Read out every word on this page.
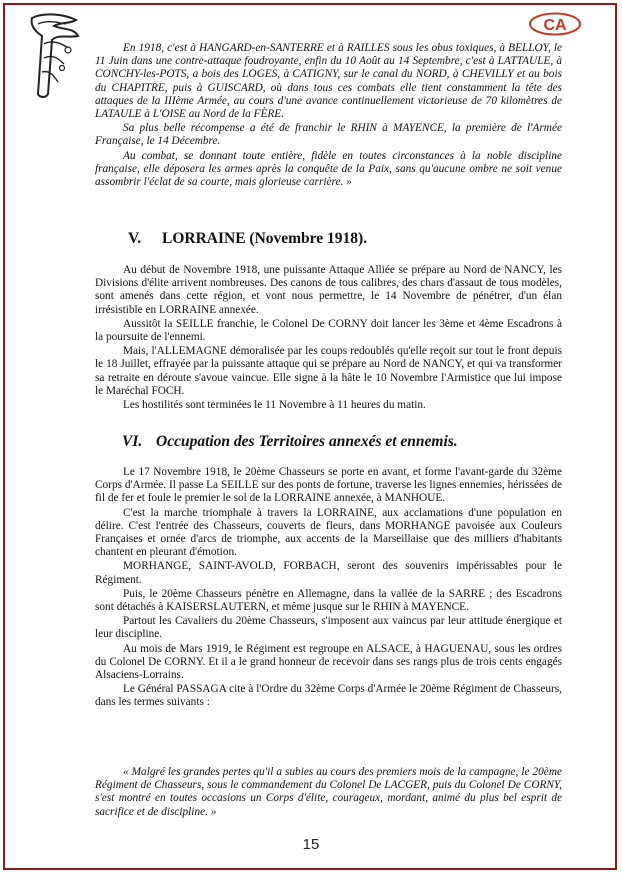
CA

En 1918, c'est à HANGARD-en-SANTERRE et à RAILLES sous les obus toxiques, à BELLOY, le 11 Juin dans une contre-attaque foudroyante, enfin du 10 Août au 14 Septembre, c'est à LATTAULE, à CONCHY-les-POTS, a bois des LOGES, à CATIGNY, sur le canal du NORD, à CHEVILLY et au bois du CHAPITRE, puis à GUISCARD, où dans tous ces combats elle tient constamment la tête des attaques de la IIIème Armée, au cours d'une avance continuellement victorieuse de 70 kilomètres de LATAULE à L'OISE au Nord de la FÈRE.

Sa plus belle récompense a été de franchir le RHIN à MAYENCE, la première de l'Armée Française, le 14 Décembre.

Au combat, se donnant toute entière, fidèle en toutes circonstances à la noble discipline française, elle déposera les armes après la conquête de la Paix, sans qu'aucune ombre ne soit venue assombrir l'éclat de sa courte, mais glorieuse carrière. »

V. LORRAINE (Novembre 1918).

Au début de Novembre 1918, une puissante Attaque Alliée se prépare au Nord de NANCY, les Divisions d'élite arrivent nombreuses. Des canons de tous calibres, des chars d'assaut de tous modèles, sont amenés dans cette région, et vont nous permettre, le 14 Novembre de pénétrer, d'un élan irrésistible en LORRAINE annexée.

Aussitôt la SEILLE franchie, le Colonel De CORNY doit lancer les 3ème et 4ème Escadrons à la poursuite de l'ennemi.

Mais, l'ALLEMAGNE démoralisée par les coups redoublés qu'elle reçoit sur tout le front depuis le 18 Juillet, effrayée par la puissante attaque qui se prépare au Nord de NANCY, et qui va transformer sa retraite en déroute s'avoue vaincue. Elle signe à la hâte le 10 Novembre l'Armistice que lui impose le Maréchal FOCH.

Les hostilités sont terminées le 11 Novembre à 11 heures du matin.

VI. Occupation des Territoires annexés et ennemis.

Le 17 Novembre 1918, le 20ème Chasseurs se porte en avant, et forme l'avant-garde du 32ème Corps d'Armée. Il passe La SEILLE sur des ponts de fortune, traverse les lignes ennemies, hérissées de fil de fer et foule le premier le sol de la LORRAINE annexée, à MANHOUE.

C'est la marche triomphale à travers la LORRAINE, aux acclamations d'une population en délire. C'est l'entrée des Chasseurs, couverts de fleurs, dans MORHANGE pavoisée aux Couleurs Françaises et ornée d'arcs de triomphe, aux accents de la Marseillaise que des milliers d'habitants chantent en pleurant d'émotion.

MORHANGE, SAINT-AVOLD, FORBACH, seront des souvenirs impérissables pour le Régiment.

Puis, le 20ème Chasseurs pénètre en Allemagne, dans la vallée de la SARRE ; des Escadrons sont détachés à KAISERSLAUTERN, et même jusque sur le RHIN à MAYENCE.

Partout les Cavaliers du 20ème Chasseurs, s'imposent aux vaincus par leur attitude énergique et leur discipline.

Au mois de Mars 1919, le Régiment est regroupe en ALSACE, à HAGUENAU, sous les ordres du Colonel De CORNY. Et il a le grand honneur de recevoir dans ses rangs plus de trois cents engagés Alsaciens-Lorrains.

Le Général PASSAGA cite à l'Ordre du 32ème Corps d'Armée le 20ème Régiment de Chasseurs, dans les termes suivants :

« Malgré les grandes pertes qu'il a subies au cours des premiers mois de la campagne, le 20ème Régiment de Chasseurs, sous le commandement du Colonel De LACGER, puis du Colonel De CORNY, s'est montré en toutes occasions un Corps d'élite, courageux, mordant, animé du plus bel esprit de sacrifice et de discipline. »

15
